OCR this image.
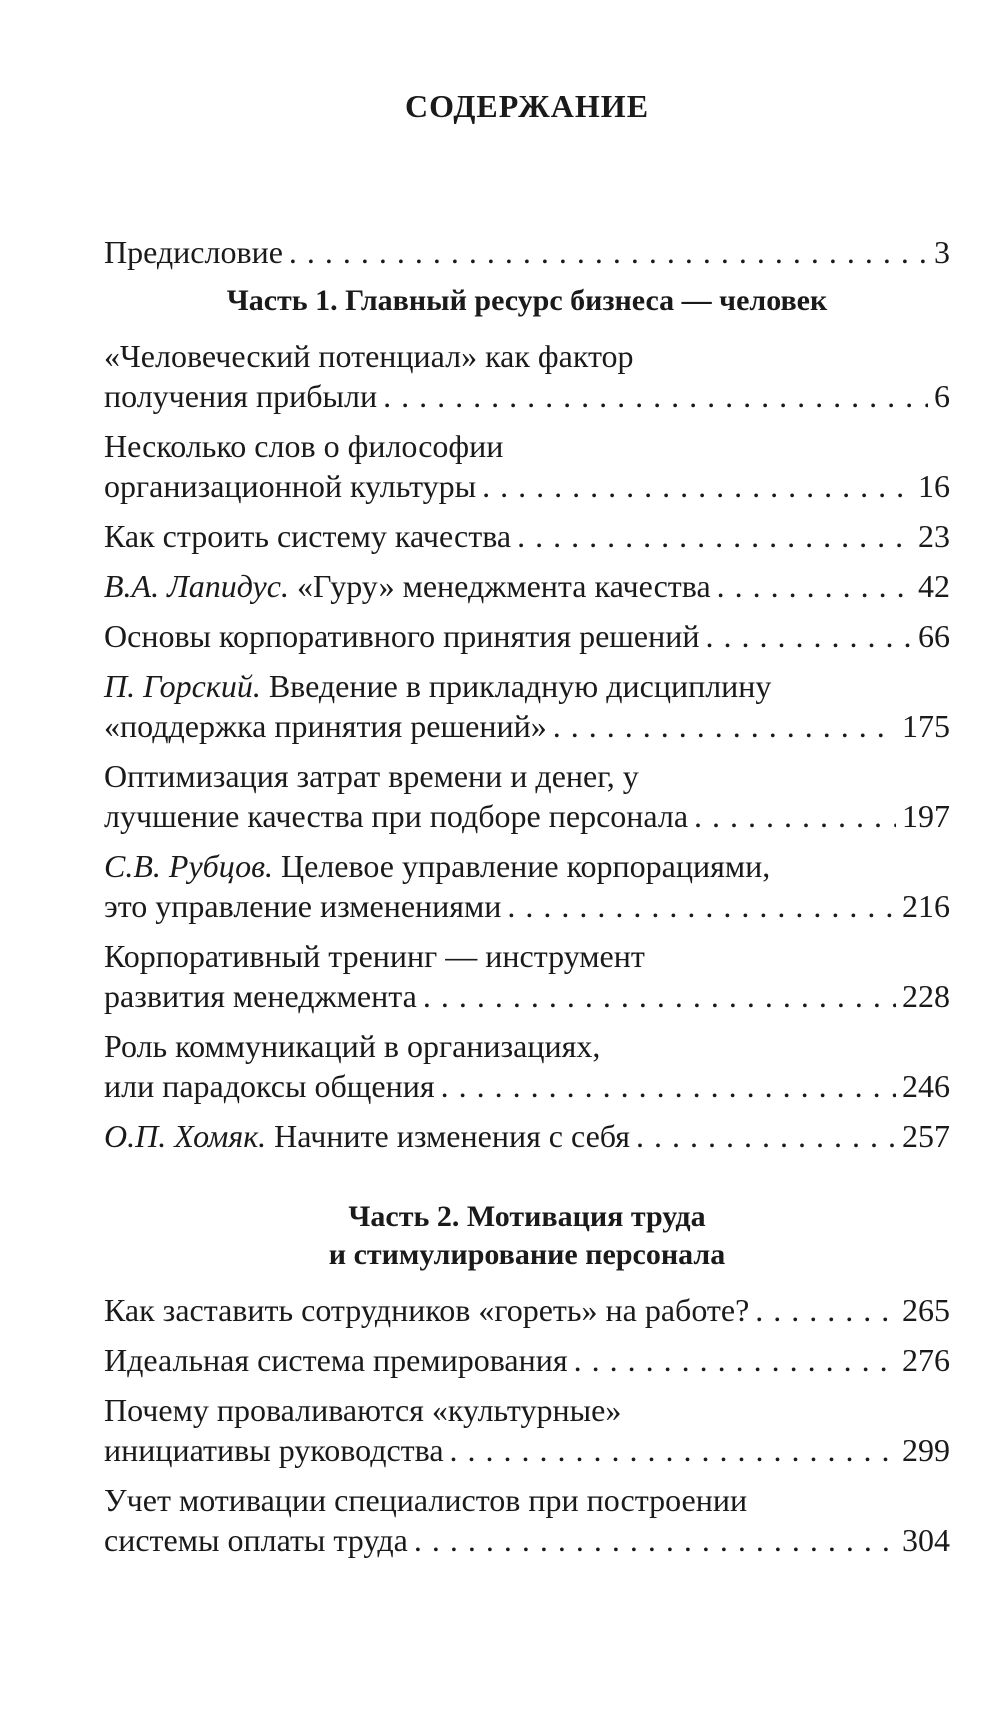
СОДЕРЖАНИЕ
Предисловие . . .	3
Часть 1. Главный ресурс бизнеса — человек
«Человеческий потенциал» как фактор
получения прибыли . . .	6
Несколько слов о философии
организационной культуры . . .	16
Как строить систему качества . . .	23
В.А. Лапидус. «Гуру» менеджмента качества . . .	42
Основы корпоративного принятия решений . . .	66
П. Горский. Введение в прикладную дисциплину
«поддержка принятия решений» . . .	175
Оптимизация затрат времени и денег, у
лучшение качества при подборе персонала . . .	197
С.В. Рубцов. Целевое управление корпорациями,
это управление изменениями . . .	216
Корпоративный тренинг — инструмент
развития менеджмента . . .	228
Роль коммуникаций в организациях,
или парадоксы общения . . .	246
О.П. Хомяк. Начните изменения с себя . . .	257
Часть 2. Мотивация труда
и стимулирование персонала
Как заставить сотрудников «гореть» на работе? . . .	265
Идеальная система премирования . . .	276
Почему проваливаются «культурные»
инициативы руководства . . .	299
Учет мотивации специалистов при построении
системы оплаты труда . . .	304
